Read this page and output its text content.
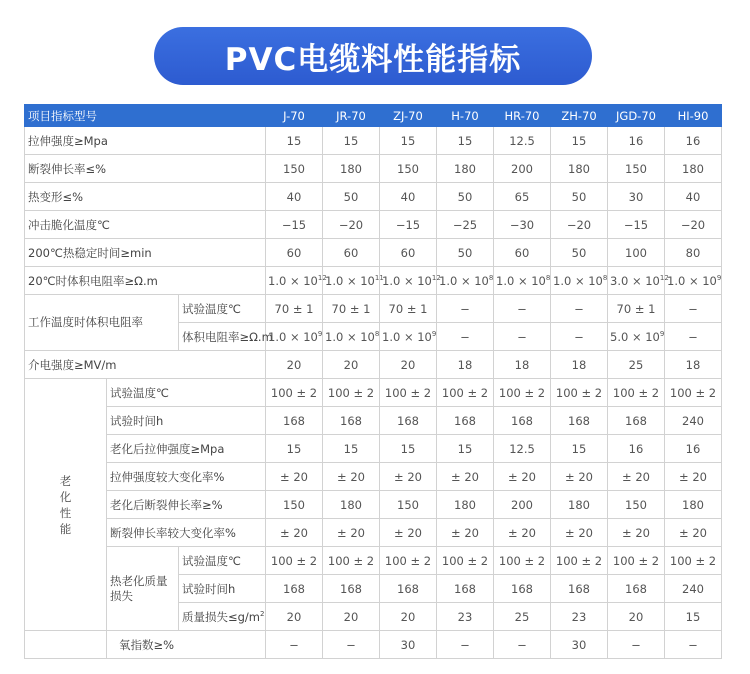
PVC电缆料性能指标
项目指标型号			J-70	JR-70	ZJ-70	H-70	HR-70	ZH-70	JGD-70	HI-90
拉伸强度≥Mpa			15	15	15	15	12.5	15	16	16
断裂伸长率≤%			150	180	150	180	200	180	150	180
热变形≤%			40	50	40	50	65	50	30	40
冲击脆化温度℃			−15	−20	−15	−25	−30	−20	−15	−20
200℃热稳定时间≥min			60	60	60	50	60	50	100	80
20℃时体积电阻率≥Ω.m			$1.0 \times 10^{12}$	$1.0 \times 10^{11}$	$1.0 \times 10^{12}$	$1.0 \times 10^8$	$1.0 \times 10^8$	$1.0 \times 10^8$	$3.0 \times 10^{12}$	$1.0 \times 10^9$
工作温度时体积电阻率		试验温度℃	70 ± 1	70 ± 1	70 ± 1	−	−	−	70 ± 1	−
		体积电阻率≥Ω.m	$1.0 \times 10^9$	$1.0 \times 10^8$	$1.0 \times 10^9$	−	−	−	$5.0 \times 10^9$	−
介电强度≥MV/m			20	20	20	18	18	18	25	18
老化性能	试验温度℃		100 ± 2	100 ± 2	100 ± 2	100 ± 2	100 ± 2	100 ± 2	100 ± 2	100 ± 2
	试验时间h		168	168	168	168	168	168	168	240
	老化后拉伸强度≥Mpa		15	15	15	15	12.5	15	16	16
	拉伸强度较大变化率%		± 20	± 20	± 20	± 20	± 20	± 20	± 20	± 20
	老化后断裂伸长率≥%		150	180	150	180	200	180	150	180
	断裂伸长率较大变化率%		± 20	± 20	± 20	± 20	± 20	± 20	± 20	± 20
	热老化质量损失	试验温度℃	100 ± 2	100 ± 2	100 ± 2	100 ± 2	100 ± 2	100 ± 2	100 ± 2	100 ± 2
		试验时间h	168	168	168	168	168	168	168	240
		质量损失$\le g/m^2$	20	20	20	23	25	23	20	15
	氧指数≥%		−	−	30	−	−	30	−	−
